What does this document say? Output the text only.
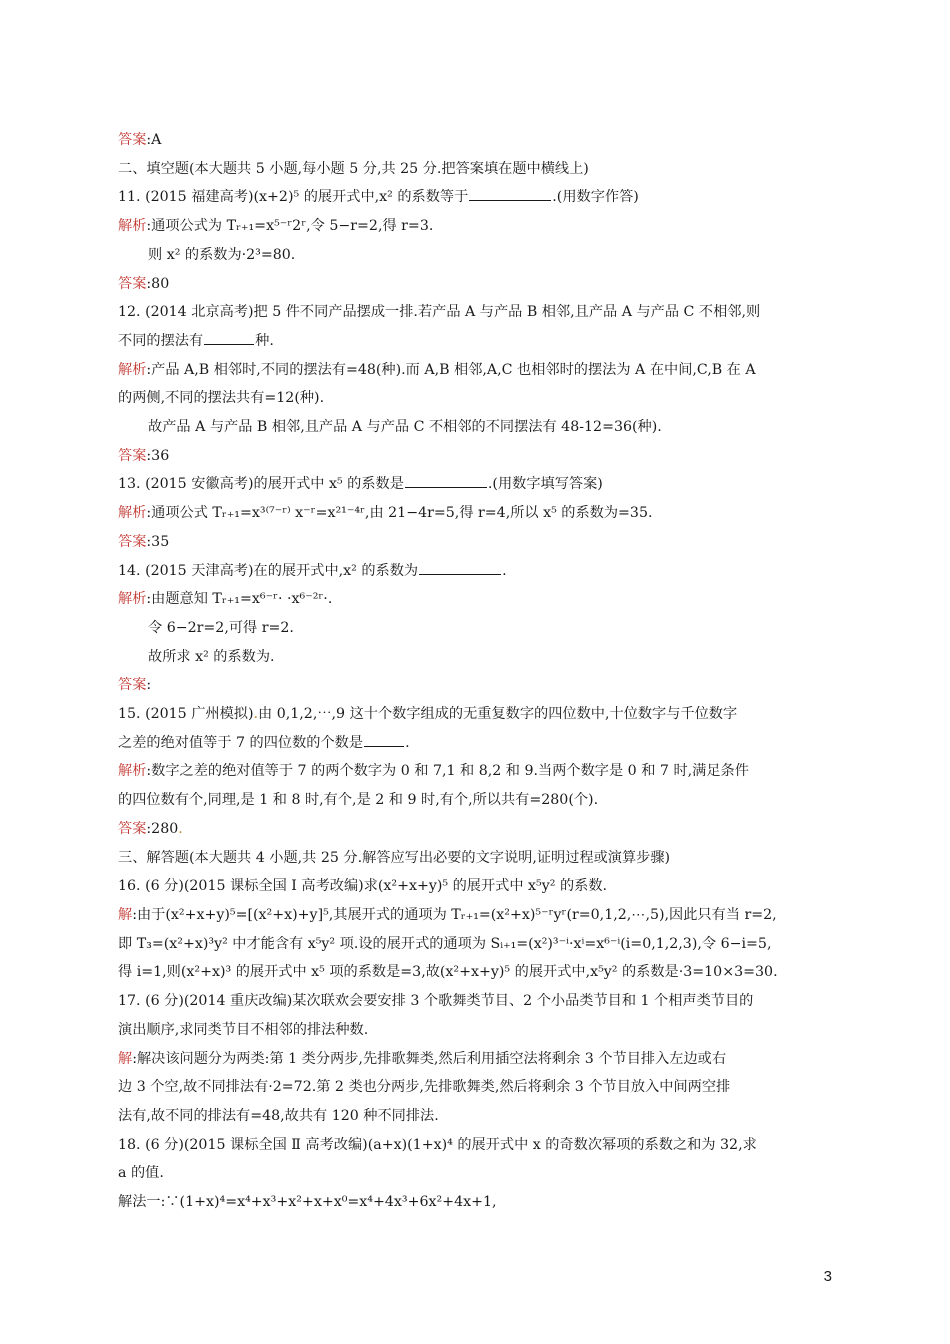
答案:A
二、填空题(本大题共 5 小题,每小题 5 分,共 25 分.把答案填在题中横线上)
11. (2015 福建高考)(x+2)⁵ 的展开式中,x² 的系数等于	.(用数字作答)
解析:通项公式为 Tᵣ₊₁=x⁵⁻ʳ2ʳ,令 5−r=2,得 r=3.
则 x² 的系数为·2³=80.
答案:80
12. (2014 北京高考)把 5 件不同产品摆成一排.若产品 A 与产品 B 相邻,且产品 A 与产品 C 不相邻,则
不同的摆法有	种.
解析:产品 A,B 相邻时,不同的摆法有=48(种).而 A,B 相邻,A,C 也相邻时的摆法为 A 在中间,C,B 在 A
的两侧,不同的摆法共有=12(种).
故产品 A 与产品 B 相邻,且产品 A 与产品 C 不相邻的不同摆法有 48-12=36(种).
答案:36
13. (2015 安徽高考)的展开式中 x⁵ 的系数是	.(用数字填写答案)
解析:通项公式 Tᵣ₊₁=x³⁽⁷⁻ʳ⁾ x⁻ʳ=x²¹⁻⁴ʳ,由 21−4r=5,得 r=4,所以 x⁵ 的系数为=35.
答案:35
14. (2015 天津高考)在的展开式中,x² 的系数为	.
解析:由题意知 Tᵣ₊₁=x⁶⁻ʳ· ·x⁶⁻²ʳ·.
令 6−2r=2,可得 r=2.
故所求 x² 的系数为.
答案:
15. (2015 广州模拟).由 0,1,2,⋯,9 这十个数字组成的无重复数字的四位数中,十位数字与千位数字
之差的绝对值等于 7 的四位数的个数是	.
解析:数字之差的绝对值等于 7 的两个数字为 0 和 7,1 和 8,2 和 9.当两个数字是 0 和 7 时,满足条件
的四位数有个,同理,是 1 和 8 时,有个,是 2 和 9 时,有个,所以共有=280(个).
答案:280.
三、解答题(本大题共 4 小题,共 25 分.解答应写出必要的文字说明,证明过程或演算步骤)
16. (6 分)(2015 课标全国 Ⅰ 高考改编)求(x²+x+y)⁵ 的展开式中 x⁵y² 的系数.
解:由于(x²+x+y)⁵=[(x²+x)+y]⁵,其展开式的通项为 Tᵣ₊₁=(x²+x)⁵⁻ʳyʳ(r=0,1,2,⋯,5),因此只有当 r=2,
即 T₃=(x²+x)³y² 中才能含有 x⁵y² 项.设的展开式的通项为 Sᵢ₊₁=(x²)³⁻ⁱ·xⁱ=x⁶⁻ⁱ(i=0,1,2,3),令 6−i=5,
得 i=1,则(x²+x)³ 的展开式中 x⁵ 项的系数是=3,故(x²+x+y)⁵ 的展开式中,x⁵y² 的系数是·3=10×3=30.
17. (6 分)(2014 重庆改编)某次联欢会要安排 3 个歌舞类节目、2 个小品类节目和 1 个相声类节目的
演出顺序,求同类节目不相邻的排法种数.
解:解决该问题分为两类:第 1 类分两步,先排歌舞类,然后利用插空法将剩余 3 个节目排入左边或右
边 3 个空,故不同排法有·2=72.第 2 类也分两步,先排歌舞类,然后将剩余 3 个节目放入中间两空排
法有,故不同的排法有=48,故共有 120 种不同排法.
18. (6 分)(2015 课标全国 Ⅱ 高考改编)(a+x)(1+x)⁴ 的展开式中 x 的奇数次幂项的系数之和为 32,求
a 的值.
解法一:∵(1+x)⁴=x⁴+x³+x²+x+x⁰=x⁴+4x³+6x²+4x+1,
3
